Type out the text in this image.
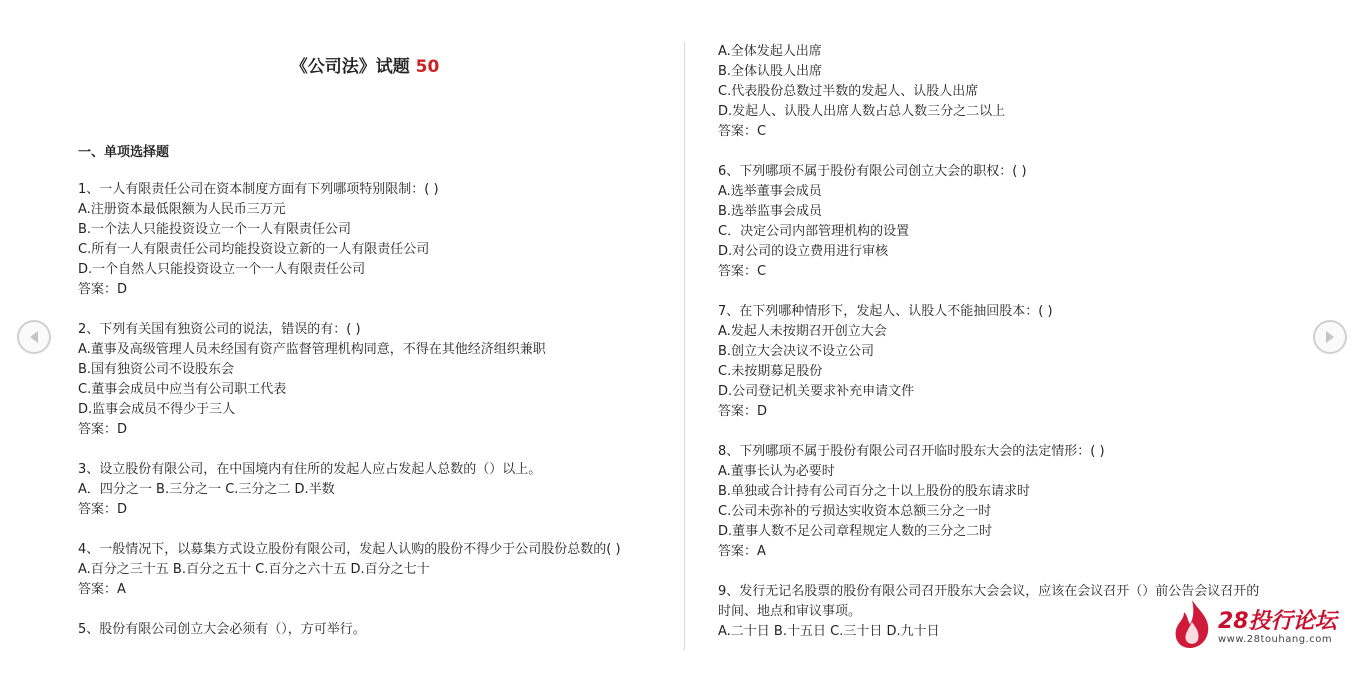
《公司法》试题 50
一、单项选择题
1、一人有限责任公司在资本制度方面有下列哪项特别限制：( )
A.注册资本最低限额为人民币三万元
B.一个法人只能投资设立一个一人有限责任公司
C.所有一人有限责任公司均能投资设立新的一人有限责任公司
D.一个自然人只能投资设立一个一人有限责任公司
答案：D
2、下列有关国有独资公司的说法，错误的有：( )
A.董事及高级管理人员未经国有资产监督管理机构同意，不得在其他经济组织兼职
B.国有独资公司不设股东会
C.董事会成员中应当有公司职工代表
D.监事会成员不得少于三人
答案：D
3、设立股份有限公司，在中国境内有住所的发起人应占发起人总数的（）以上。
A．四分之一 B.三分之一 C.三分之二 D.半数
答案：D
4、一般情况下，以募集方式设立股份有限公司，发起人认购的股份不得少于公司股份总数的( )
A.百分之三十五 B.百分之五十 C.百分之六十五 D.百分之七十
答案：A
5、股份有限公司创立大会必须有（），方可举行。
A.全体发起人出席
B.全体认股人出席
C.代表股份总数过半数的发起人、认股人出席
D.发起人、认股人出席人数占总人数三分之二以上
答案：C
6、下列哪项不属于股份有限公司创立大会的职权：( )
A.选举董事会成员
B.选举监事会成员
C．决定公司内部管理机构的设置
D.对公司的设立费用进行审核
答案：C
7、在下列哪种情形下，发起人、认股人不能抽回股本：( )
A.发起人未按期召开创立大会
B.创立大会决议不设立公司
C.未按期募足股份
D.公司登记机关要求补充申请文件
答案：D
8、下列哪项不属于股份有限公司召开临时股东大会的法定情形：( )
A.董事长认为必要时
B.单独或合计持有公司百分之十以上股份的股东请求时
C.公司未弥补的亏损达实收资本总额三分之一时
D.董事人数不足公司章程规定人数的三分之二时
答案：A
9、发行无记名股票的股份有限公司召开股东大会会议，应该在会议召开（）前公告会议召开的
时间、地点和审议事项。
A.二十日 B.十五日 C.三十日 D.九十日	28投行论坛
www.28touhang.com
